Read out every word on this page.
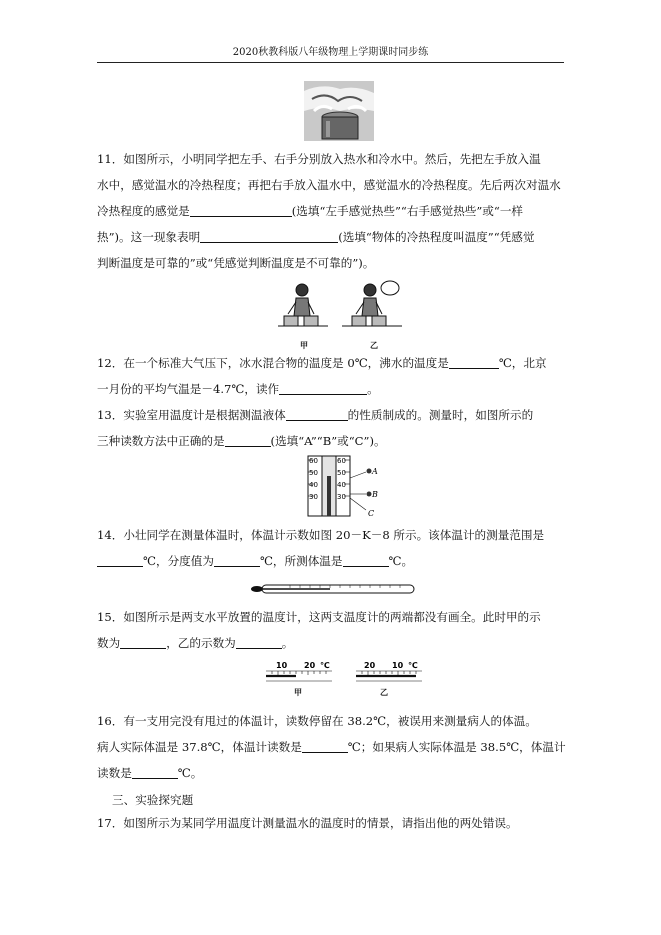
2020秋教科版八年级物理上学期课时同步练

11．如图所示，小明同学把左手、右手分别放入热水和冷水中。然后，先把左手放入温

水中，感觉温水的冷热程度；再把右手放入温水中，感觉温水的冷热程度。先后两次对温水

冷热程度的感觉是	(选填“左手感觉热些”“右手感觉热些”或“一样

热”)。这一现象表明	(选填“物体的冷热程度叫温度”“凭感觉

判断温度是可靠的”或“凭感觉判断温度是不可靠的”)。

甲	乙

12．在一个标准大气压下，冰水混合物的温度是 0℃，沸水的温度是	℃，北京

一月份的平均气温是－4.7℃，读作	。

13．实验室用温度计是根据测温液体	的性质制成的。测量时，如图所示的

三种读数方法中正确的是	(选填“A”“B”或“C”)。

60
50
40
30
60
50
40
30
A
B
C

14．小壮同学在测量体温时，体温计示数如图 20－K－8 所示。该体温计的测量范围是

℃，分度值为	℃，所测体温是	℃。

15．如图所示是两支水平放置的温度计，这两支温度计的两端都没有画全。此时甲的示

数为	，乙的示数为	。

10 20 ℃	20 10 ℃
甲	乙

16．有一支用完没有甩过的体温计，读数停留在 38.2℃，被误用来测量病人的体温。

病人实际体温是 37.8℃，体温计读数是	℃；如果病人实际体温是 38.5℃，体温计

读数是	℃。

三、实验探究题

17．如图所示为某同学用温度计测量温水的温度时的情景，请指出他的两处错误。
